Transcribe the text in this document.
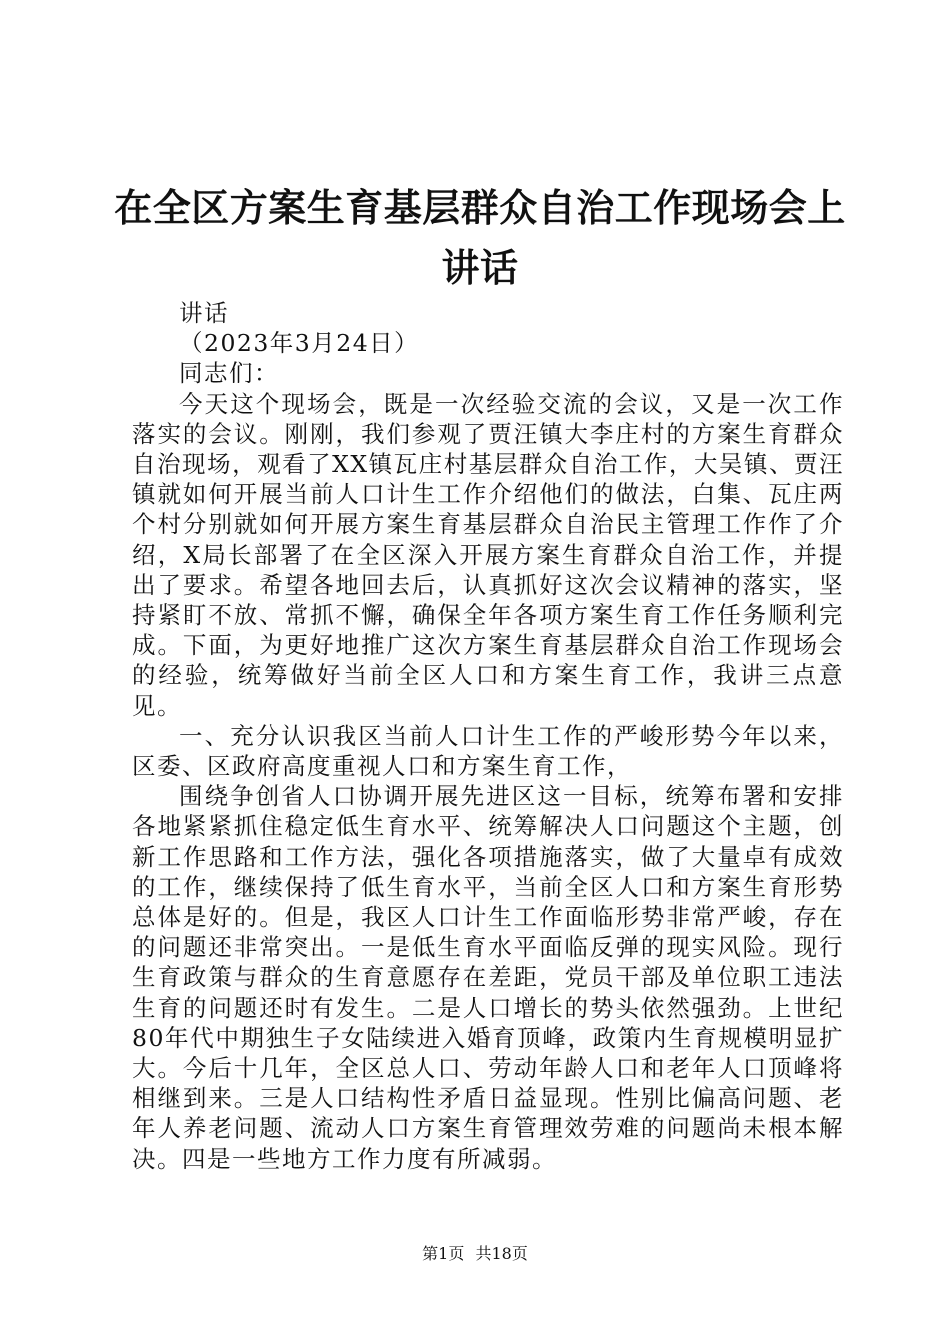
在全区方案生育基层群众自治工作现场会上讲话

讲话

（2023年3月24日）

同志们：

今天这个现场会，既是一次经验交流的会议，又是一次工作落实的会议。刚刚，我们参观了贾汪镇大李庄村的方案生育群众自治现场，观看了XX镇瓦庄村基层群众自治工作，大吴镇、贾汪镇就如何开展当前人口计生工作介绍他们的做法，白集、瓦庄两个村分别就如何开展方案生育基层群众自治民主管理工作作了介绍，X局长部署了在全区深入开展方案生育群众自治工作，并提出了要求。希望各地回去后，认真抓好这次会议精神的落实，坚持紧盯不放、常抓不懈，确保全年各项方案生育工作任务顺利完成。下面，为更好地推广这次方案生育基层群众自治工作现场会的经验，统筹做好当前全区人口和方案生育工作，我讲三点意见。

一、充分认识我区当前人口计生工作的严峻形势今年以来，区委、区政府高度重视人口和方案生育工作，

围绕争创省人口协调开展先进区这一目标，统筹布署和安排各地紧紧抓住稳定低生育水平、统筹解决人口问题这个主题，创新工作思路和工作方法，强化各项措施落实，做了大量卓有成效的工作，继续保持了低生育水平，当前全区人口和方案生育形势总体是好的。但是，我区人口计生工作面临形势非常严峻，存在的问题还非常突出。一是低生育水平面临反弹的现实风险。现行生育政策与群众的生育意愿存在差距，党员干部及单位职工违法生育的问题还时有发生。二是人口增长的势头依然强劲。上世纪80年代中期独生子女陆续进入婚育顶峰，政策内生育规模明显扩大。今后十几年，全区总人口、劳动年龄人口和老年人口顶峰将相继到来。三是人口结构性矛盾日益显现。性别比偏高问题、老年人养老问题、流动人口方案生育管理效劳难的问题尚未根本解决。四是一些地方工作力度有所减弱。

第1页 共18页
